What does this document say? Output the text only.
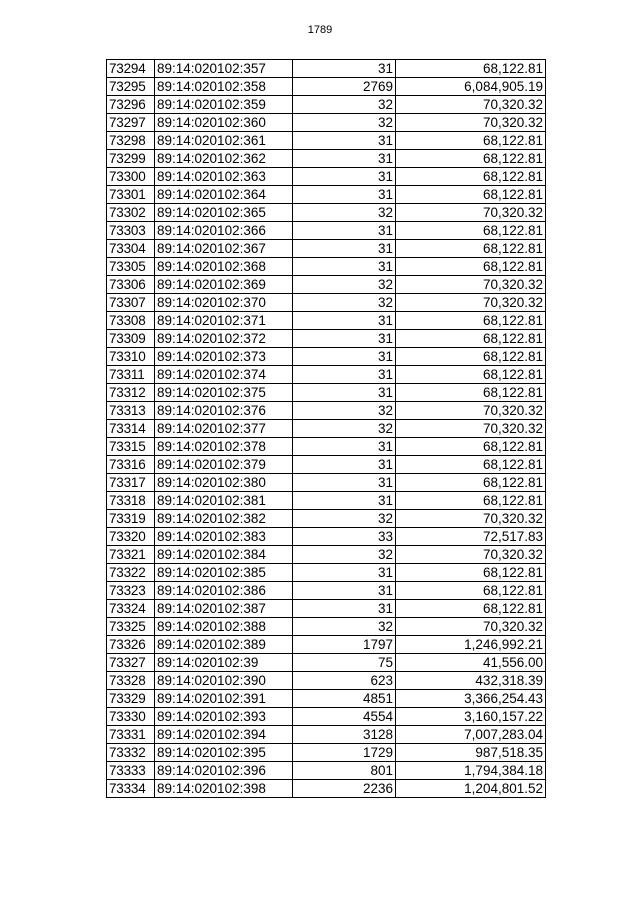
1789
73294	89:14:020102:357	31	68,122.81
73295	89:14:020102:358	2769	6,084,905.19
73296	89:14:020102:359	32	70,320.32
73297	89:14:020102:360	32	70,320.32
73298	89:14:020102:361	31	68,122.81
73299	89:14:020102:362	31	68,122.81
73300	89:14:020102:363	31	68,122.81
73301	89:14:020102:364	31	68,122.81
73302	89:14:020102:365	32	70,320.32
73303	89:14:020102:366	31	68,122.81
73304	89:14:020102:367	31	68,122.81
73305	89:14:020102:368	31	68,122.81
73306	89:14:020102:369	32	70,320.32
73307	89:14:020102:370	32	70,320.32
73308	89:14:020102:371	31	68,122.81
73309	89:14:020102:372	31	68,122.81
73310	89:14:020102:373	31	68,122.81
73311	89:14:020102:374	31	68,122.81
73312	89:14:020102:375	31	68,122.81
73313	89:14:020102:376	32	70,320.32
73314	89:14:020102:377	32	70,320.32
73315	89:14:020102:378	31	68,122.81
73316	89:14:020102:379	31	68,122.81
73317	89:14:020102:380	31	68,122.81
73318	89:14:020102:381	31	68,122.81
73319	89:14:020102:382	32	70,320.32
73320	89:14:020102:383	33	72,517.83
73321	89:14:020102:384	32	70,320.32
73322	89:14:020102:385	31	68,122.81
73323	89:14:020102:386	31	68,122.81
73324	89:14:020102:387	31	68,122.81
73325	89:14:020102:388	32	70,320.32
73326	89:14:020102:389	1797	1,246,992.21
73327	89:14:020102:39	75	41,556.00
73328	89:14:020102:390	623	432,318.39
73329	89:14:020102:391	4851	3,366,254.43
73330	89:14:020102:393	4554	3,160,157.22
73331	89:14:020102:394	3128	7,007,283.04
73332	89:14:020102:395	1729	987,518.35
73333	89:14:020102:396	801	1,794,384.18
73334	89:14:020102:398	2236	1,204,801.52
